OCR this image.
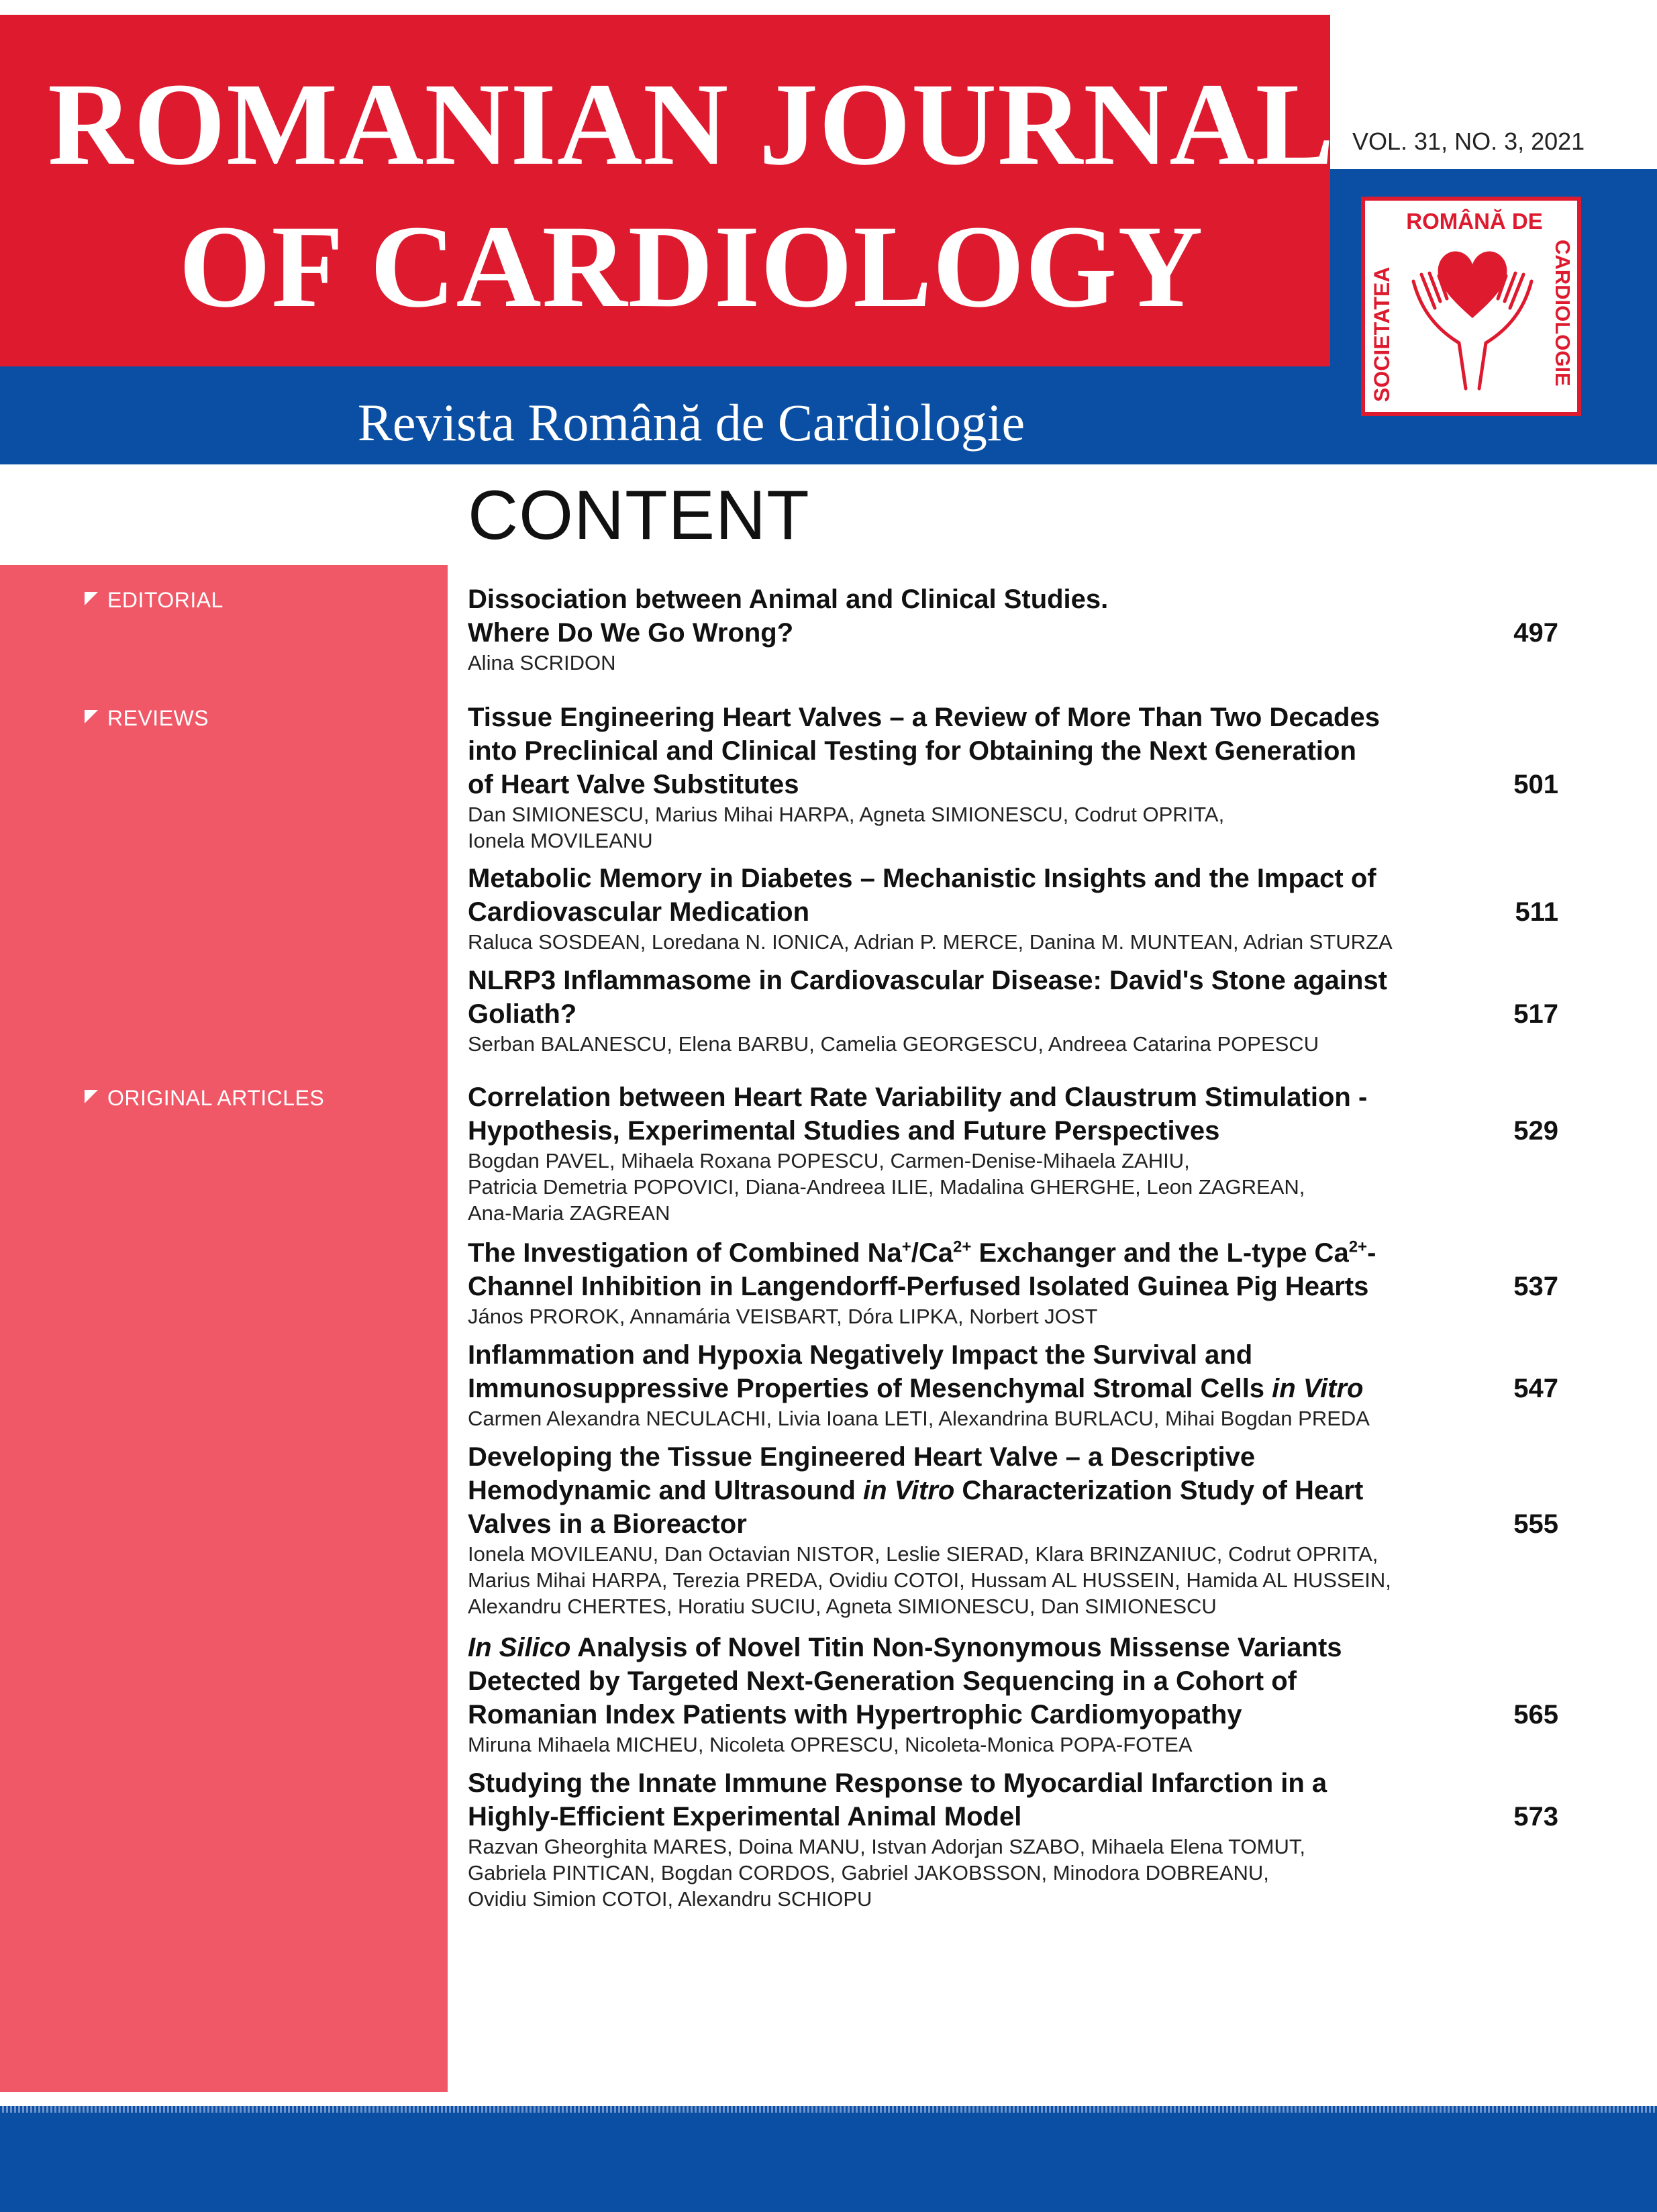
ROMANIAN JOURNAL
OF CARDIOLOGY
Revista Română de Cardiologie
VOL. 31, NO. 3, 2021
ROMÂNĂ DE
SOCIETATEA	CARDIOLOGIE
CONTENT
EDITORIAL
REVIEWS
ORIGINAL ARTICLES
Dissociation between Animal and Clinical Studies.
Where Do We Go Wrong?
Alina SCRIDON
497
Tissue Engineering Heart Valves – a Review of More Than Two Decades
into Preclinical and Clinical Testing for Obtaining the Next Generation
of Heart Valve Substitutes
Dan SIMIONESCU, Marius Mihai HARPA, Agneta SIMIONESCU, Codrut OPRITA,
Ionela MOVILEANU
501
Metabolic Memory in Diabetes – Mechanistic Insights and the Impact of
Cardiovascular Medication
Raluca SOSDEAN, Loredana N. IONICA, Adrian P. MERCE, Danina M. MUNTEAN, Adrian STURZA
511
NLRP3 Inflammasome in Cardiovascular Disease: David's Stone against
Goliath?
Serban BALANESCU, Elena BARBU, Camelia GEORGESCU, Andreea Catarina POPESCU
517
Correlation between Heart Rate Variability and Claustrum Stimulation -
Hypothesis, Experimental Studies and Future Perspectives
Bogdan PAVEL, Mihaela Roxana POPESCU, Carmen-Denise-Mihaela ZAHIU,
Patricia Demetria POPOVICI, Diana-Andreea ILIE, Madalina GHERGHE, Leon ZAGREAN,
Ana-Maria ZAGREAN
529
The Investigation of Combined $Na^+/Ca^{2+}$ Exchanger and the L-type $Ca^{2+}-$
Channel Inhibition in Langendorff-Perfused Isolated Guinea Pig Hearts
János PROROK, Annamária VEISBART, Dóra LIPKA, Norbert JOST
537
Inflammation and Hypoxia Negatively Impact the Survival and
Immunosuppressive Properties of Mesenchymal Stromal Cells in Vitro
Carmen Alexandra NECULACHI, Livia Ioana LETI, Alexandrina BURLACU, Mihai Bogdan PREDA
547
Developing the Tissue Engineered Heart Valve – a Descriptive
Hemodynamic and Ultrasound in Vitro Characterization Study of Heart
Valves in a Bioreactor
Ionela MOVILEANU, Dan Octavian NISTOR, Leslie SIERAD, Klara BRINZANIUC, Codrut OPRITA,
Marius Mihai HARPA, Terezia PREDA, Ovidiu COTOI, Hussam AL HUSSEIN, Hamida AL HUSSEIN,
Alexandru CHERTES, Horatiu SUCIU, Agneta SIMIONESCU, Dan SIMIONESCU
555
In Silico Analysis of Novel Titin Non-Synonymous Missense Variants
Detected by Targeted Next-Generation Sequencing in a Cohort of
Romanian Index Patients with Hypertrophic Cardiomyopathy
Miruna Mihaela MICHEU, Nicoleta OPRESCU, Nicoleta-Monica POPA-FOTEA
565
Studying the Innate Immune Response to Myocardial Infarction in a
Highly-Efficient Experimental Animal Model
Razvan Gheorghita MARES, Doina MANU, Istvan Adorjan SZABO, Mihaela Elena TOMUT,
Gabriela PINTICAN, Bogdan CORDOS, Gabriel JAKOBSSON, Minodora DOBREANU,
Ovidiu Simion COTOI, Alexandru SCHIOPU
573
